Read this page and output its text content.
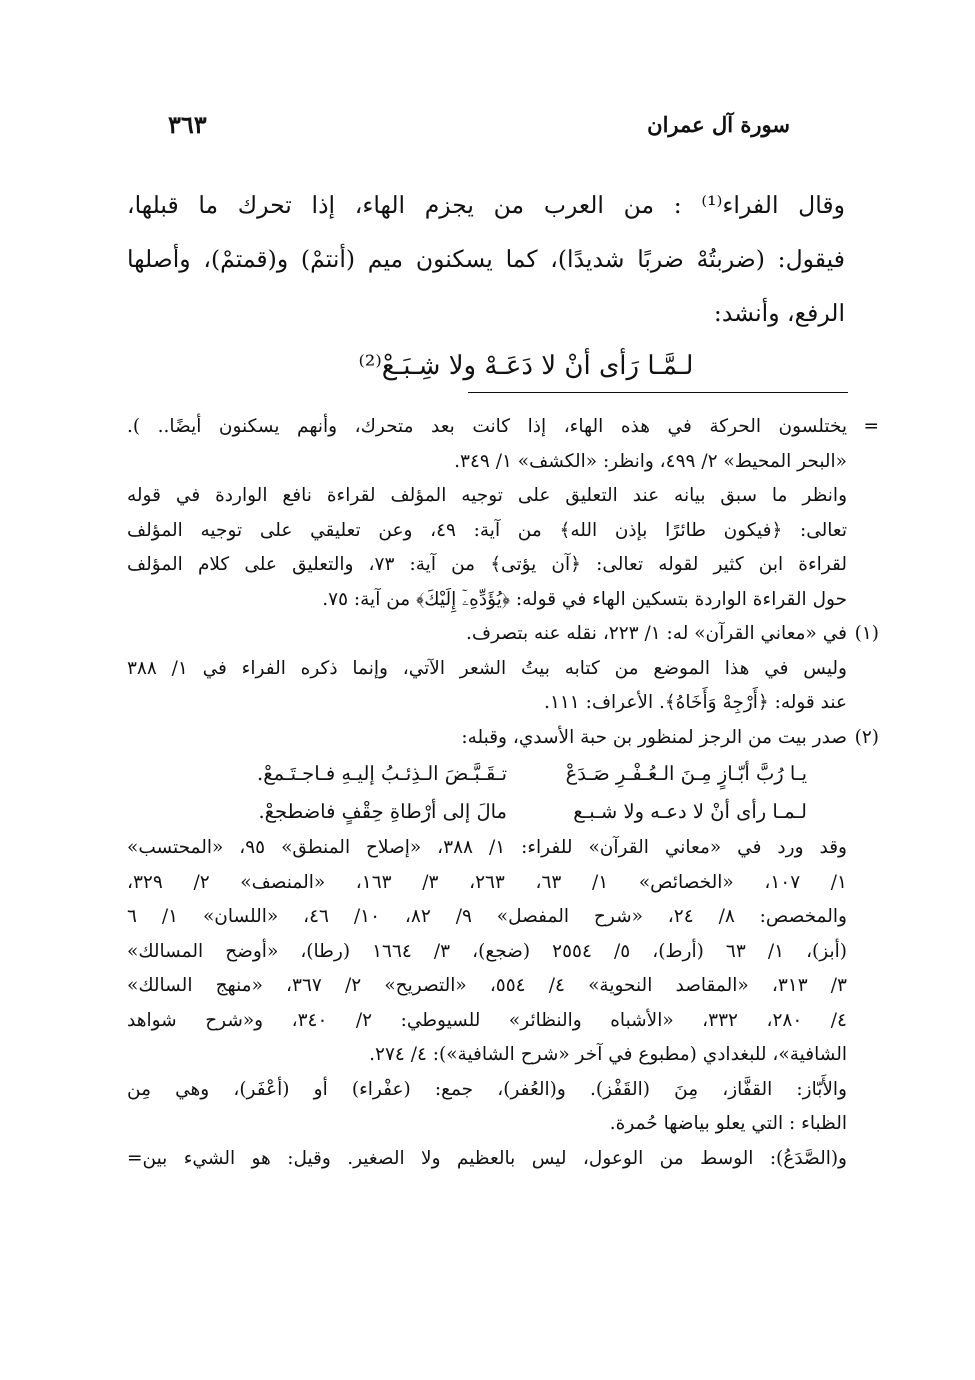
سورة آل عمران
٣٦٣
وقال الفراء⁽¹⁾ : من العرب من يجزم الهاء، إذا تحرك ما قبلها،
فيقول: (ضربتُهْ ضربًا شديدًا)، كما يسكنون ميم (أنتمْ) و(قمتمْ)، وأصلها
الرفع، وأنشد:
لـمَّـا رَأى أنْ لا دَعَـهْ ولا شِـبَـعْ⁽²⁾
=
يختلسون الحركة في هذه الهاء، إذا كانت بعد متحرك، وأنهم يسكنون أيضًا.. ).
«البحر المحيط» ٢/ ٤٩٩، وانظر: «الكشف» ١/ ٣٤٩.
وانظر ما سبق بيانه عند التعليق على توجيه المؤلف لقراءة نافع الواردة في قوله
تعالى: ﴿فيكون طائرًا بإذن الله﴾ من آية: ٤٩، وعن تعليقي على توجيه المؤلف
لقراءة ابن كثير لقوله تعالى: ﴿آن يؤتى﴾ من آية: ٧٣، والتعليق على كلام المؤلف
حول القراءة الواردة بتسكين الهاء في قوله: ﴿يُؤَدِّهِۦٓ إِلَيْكَ﴾ من آية: ٧٥.
(١)
في «معاني القرآن» له: ١/ ٢٢٣، نقله عنه بتصرف.
وليس في هذا الموضع من كتابه بيتُ الشعر الآتي، وإنما ذكره الفراء في ١/ ٣٨٨
عند قوله: ﴿أَرْجِهْ وَأَخَاهُ﴾. الأعراف: ١١١.
(٢)
صدر بيت من الرجز لمنظور بن حبة الأسدي، وقبله:
يـا رُبَّ أبّـازٍ مِـنَ الـعُـفْـرِ صَـدَعْ
تـقَـبَّـضَ الـذِئـبُ إليـهِ فـاجـتَـمعْ.
لـمـا رأى أنْ لا دعـه ولا شـبـع
مالَ إلى أرْطاةِ حِقْفٍ فاضطجعْ.
وقد ورد في «معاني القرآن» للفراء: ١/ ٣٨٨، «إصلاح المنطق» ٩٥، «المحتسب»
١/ ١٠٧، «الخصائص» ١/ ٦٣، ٢٦٣، ٣/ ١٦٣، «المنصف» ٢/ ٣٢٩،
والمخصص: ٨/ ٢٤، «شرح المفصل» ٩/ ٨٢، ١٠/ ٤٦، «اللسان» ١/ ٦
(أبز)، ١/ ٦٣ (أرط)، ٥/ ٢٥٥٤ (ضجع)، ٣/ ١٦٦٤ (رطا)، «أوضح المسالك»
٣/ ٣١٣، «المقاصد النحوية» ٤/ ٥٥٤، «التصريح» ٢/ ٣٦٧، «منهج السالك»
٤/ ٢٨٠، ٣٣٢، «الأشباه والنظائر» للسيوطي: ٢/ ٣٤٠، و«شرح شواهد
الشافية»، للبغدادي (مطبوع في آخر «شرح الشافية»): ٤/ ٢٧٤.
والأَبّاز: القفَّاز، مِنَ (القَفْز). و(العُفر)، جمع: (عفْراء) أو (أعْفَر)، وهي مِن
الظباء : التي يعلو بياضها حُمرة.
و(الصَّدَعُ): الوسط من الوعول، ليس بالعظيم ولا الصغير. وقيل: هو الشيء بين=
